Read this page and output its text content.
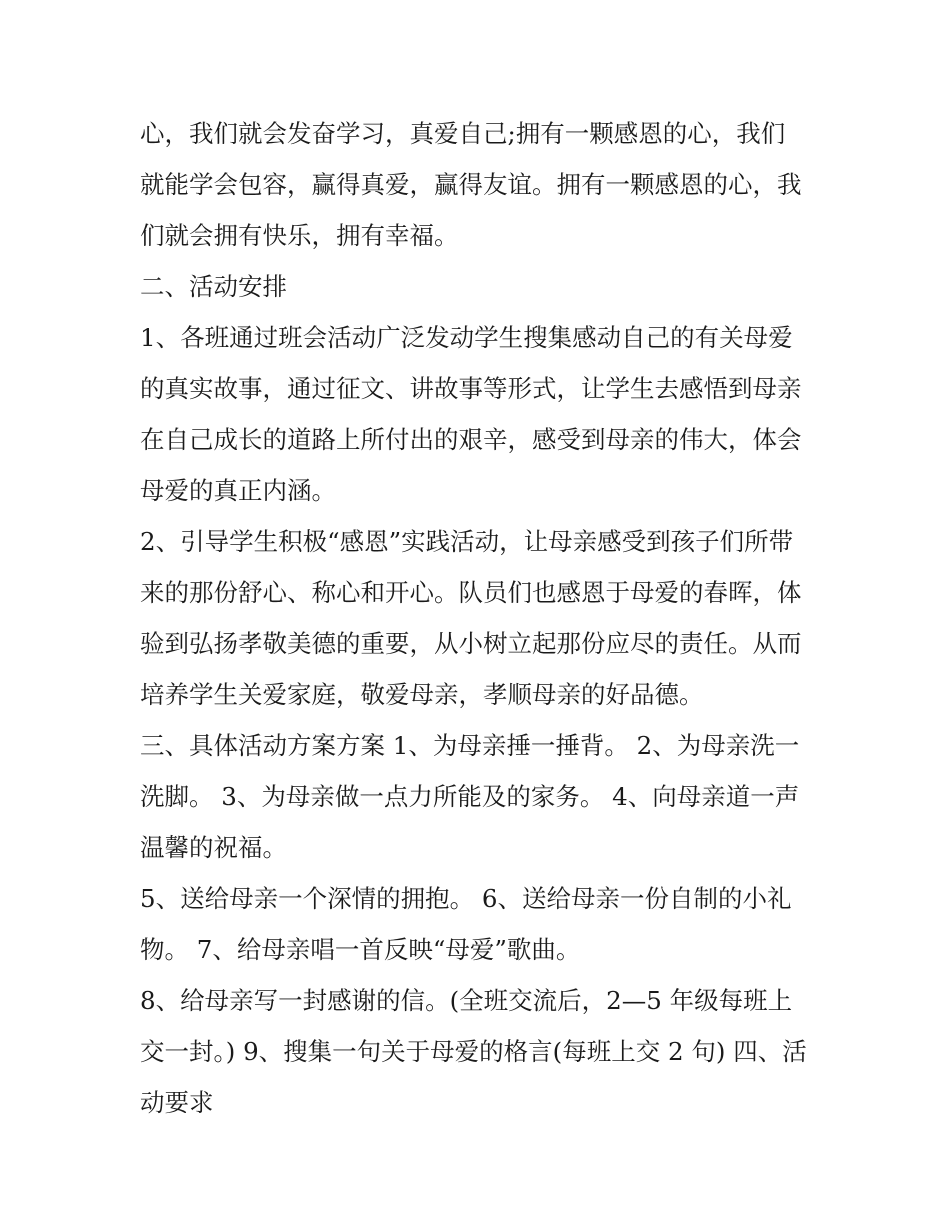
心，我们就会发奋学习，真爱自己;拥有一颗感恩的心，我们
就能学会包容，赢得真爱，赢得友谊。拥有一颗感恩的心，我
们就会拥有快乐，拥有幸福。
二、活动安排
1、各班通过班会活动广泛发动学生搜集感动自己的有关母爱
的真实故事，通过征文、讲故事等形式，让学生去感悟到母亲
在自己成长的道路上所付出的艰辛，感受到母亲的伟大，体会
母爱的真正内涵。
2、引导学生积极“感恩”实践活动，让母亲感受到孩子们所带
来的那份舒心、称心和开心。队员们也感恩于母爱的春晖，体
验到弘扬孝敬美德的重要，从小树立起那份应尽的责任。从而
培养学生关爱家庭，敬爱母亲，孝顺母亲的好品德。
三、具体活动方案方案 1、为母亲捶一捶背。 2、为母亲洗一
洗脚。 3、为母亲做一点力所能及的家务。 4、向母亲道一声
温馨的祝福。
5、送给母亲一个深情的拥抱。 6、送给母亲一份自制的小礼
物。 7、给母亲唱一首反映“母爱”歌曲。
8、给母亲写一封感谢的信。(全班交流后，2—5 年级每班上
交一封。) 9、搜集一句关于母爱的格言(每班上交 2 句) 四、活
动要求
